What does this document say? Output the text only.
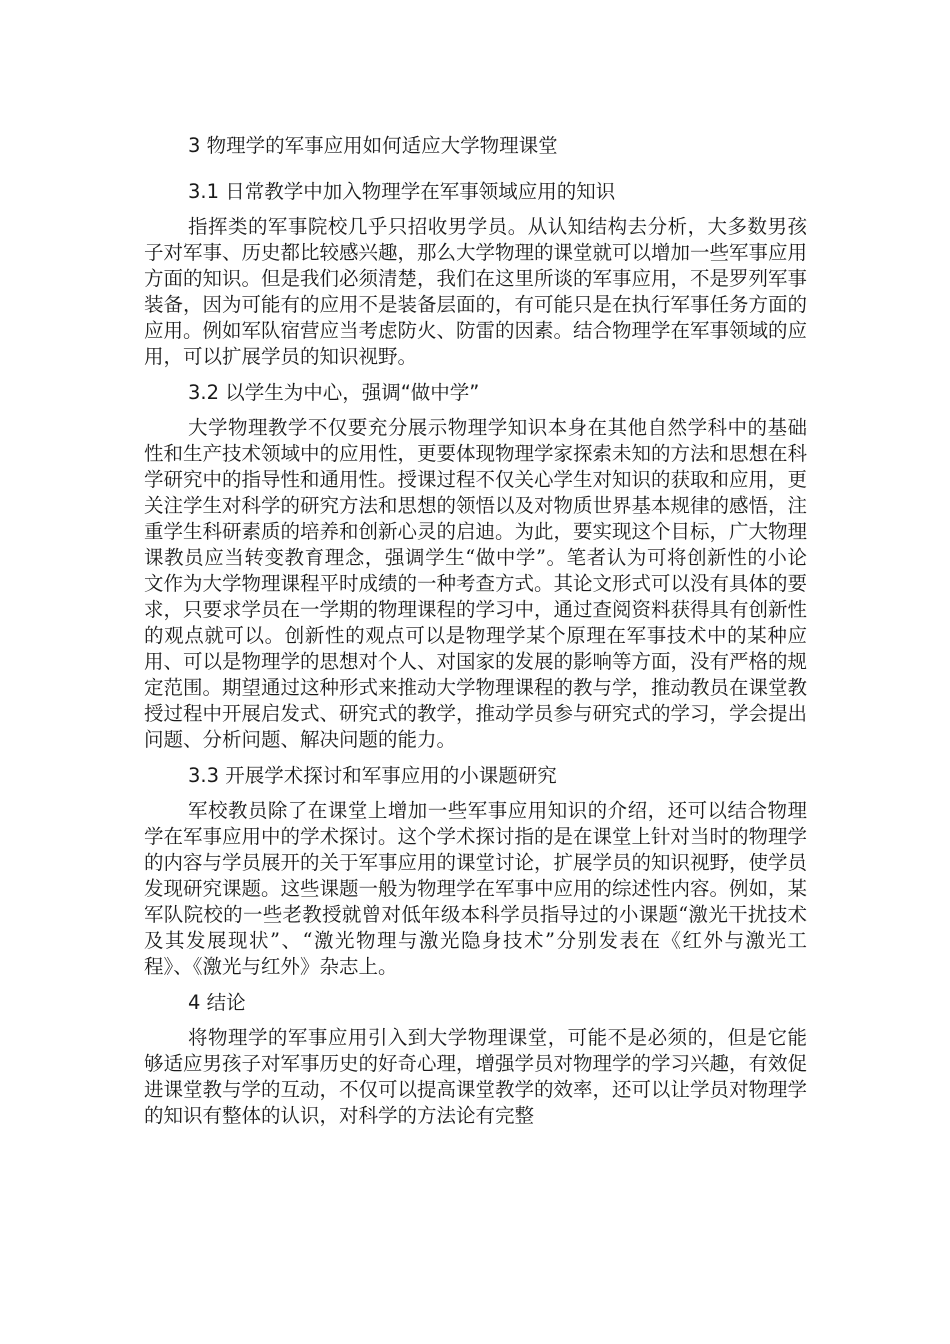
3 物理学的军事应用如何适应大学物理课堂

3.1 日常教学中加入物理学在军事领域应用的知识

指挥类的军事院校几乎只招收男学员。从认知结构去分析，大多数男孩子对军事、历史都比较感兴趣，那么大学物理的课堂就可以增加一些军事应用方面的知识。但是我们必须清楚，我们在这里所谈的军事应用，不是罗列军事装备，因为可能有的应用不是装备层面的，有可能只是在执行军事任务方面的应用。例如军队宿营应当考虑防火、防雷的因素。结合物理学在军事领域的应用，可以扩展学员的知识视野。

3.2 以学生为中心，强调“做中学”

大学物理教学不仅要充分展示物理学知识本身在其他自然学科中的基础性和生产技术领域中的应用性，更要体现物理学家探索未知的方法和思想在科学研究中的指导性和通用性。授课过程不仅关心学生对知识的获取和应用，更关注学生对科学的研究方法和思想的领悟以及对物质世界基本规律的感悟，注重学生科研素质的培养和创新心灵的启迪。为此，要实现这个目标，广大物理课教员应当转变教育理念，强调学生“做中学”。笔者认为可将创新性的小论文作为大学物理课程平时成绩的一种考查方式。其论文形式可以没有具体的要求，只要求学员在一学期的物理课程的学习中，通过查阅资料获得具有创新性的观点就可以。创新性的观点可以是物理学某个原理在军事技术中的某种应用、可以是物理学的思想对个人、对国家的发展的影响等方面，没有严格的规定范围。期望通过这种形式来推动大学物理课程的教与学，推动教员在课堂教授过程中开展启发式、研究式的教学，推动学员参与研究式的学习，学会提出问题、分析问题、解决问题的能力。

3.3 开展学术探讨和军事应用的小课题研究

军校教员除了在课堂上增加一些军事应用知识的介绍，还可以结合物理学在军事应用中的学术探讨。这个学术探讨指的是在课堂上针对当时的物理学的内容与学员展开的关于军事应用的课堂讨论，扩展学员的知识视野，使学员发现研究课题。这些课题一般为物理学在军事中应用的综述性内容。例如，某军队院校的一些老教授就曾对低年级本科学员指导过的小课题“激光干扰技术及其发展现状”、“激光物理与激光隐身技术”分别发表在《红外与激光工程》、《激光与红外》杂志上。

4 结论

将物理学的军事应用引入到大学物理课堂，可能不是必须的，但是它能够适应男孩子对军事历史的好奇心理，增强学员对物理学的学习兴趣，有效促进课堂教与学的互动，不仅可以提高课堂教学的效率，还可以让学员对物理学的知识有整体的认识，对科学的方法论有完整
